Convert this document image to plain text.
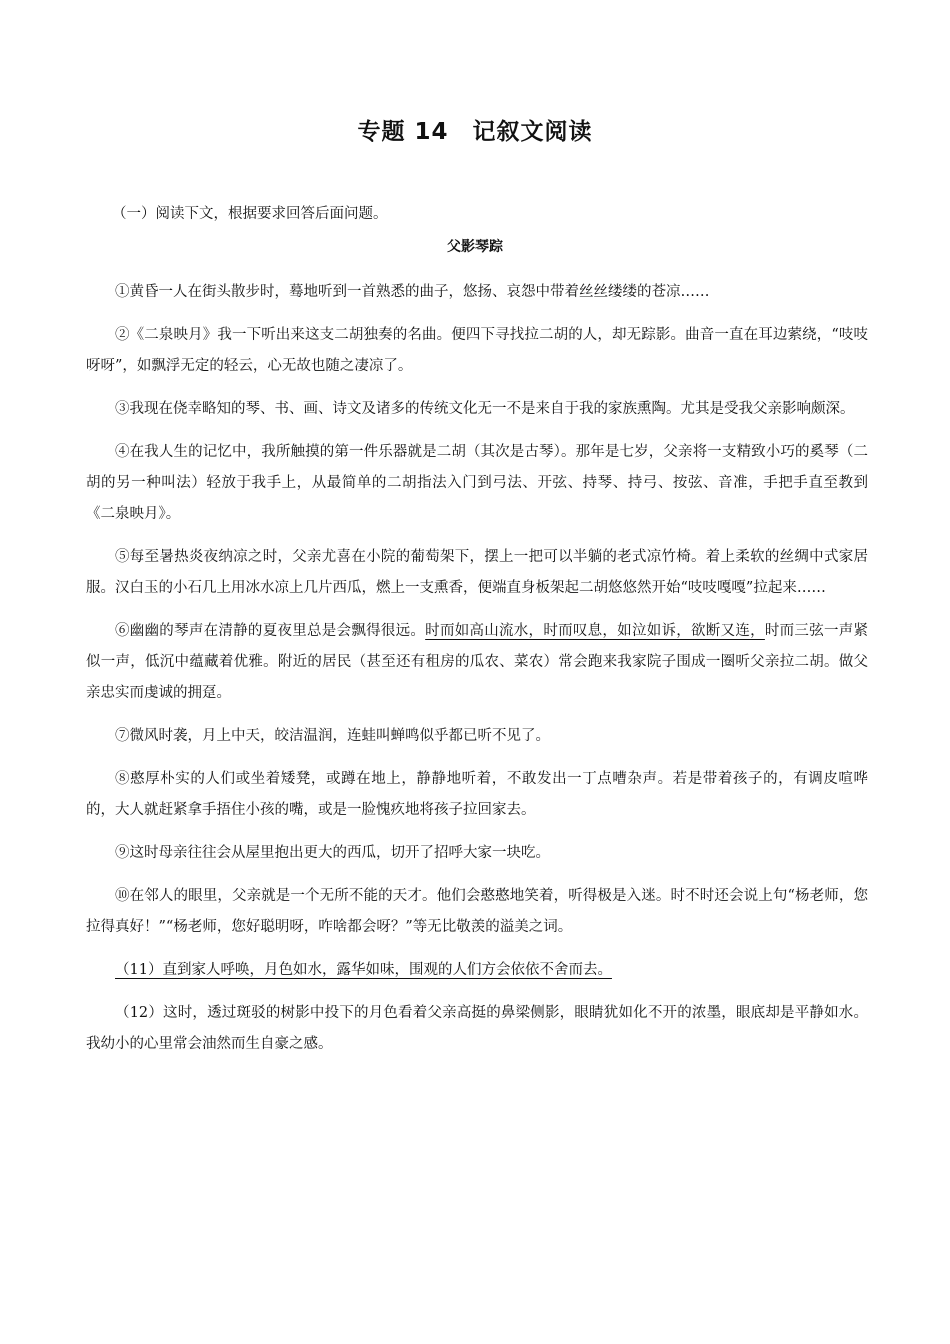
专题 14　记叙文阅读
（一）阅读下文，根据要求回答后面问题。
父影琴踪

①黄昏一人在街头散步时，蓦地听到一首熟悉的曲子，悠扬、哀怨中带着丝丝缕缕的苍凉……

②《二泉映月》我一下听出来这支二胡独奏的名曲。便四下寻找拉二胡的人，却无踪影。曲音一直在耳边萦绕，“吱吱呀呀”，如飘浮无定的轻云，心无故也随之凄凉了。

③我现在侥幸略知的琴、书、画、诗文及诸多的传统文化无一不是来自于我的家族熏陶。尤其是受我父亲影响颇深。

④在我人生的记忆中，我所触摸的第一件乐器就是二胡（其次是古琴）。那年是七岁，父亲将一支精致小巧的奚琴（二胡的另一种叫法）轻放于我手上，从最简单的二胡指法入门到弓法、开弦、持琴、持弓、按弦、音准，手把手直至教到《二泉映月》。

⑤每至暑热炎夜纳凉之时，父亲尤喜在小院的葡萄架下，摆上一把可以半躺的老式凉竹椅。着上柔软的丝绸中式家居服。汉白玉的小石几上用冰水凉上几片西瓜，燃上一支熏香，便端直身板架起二胡悠悠然开始“吱吱嘎嘎”拉起来……

⑥幽幽的琴声在清静的夏夜里总是会飘得很远。时而如高山流水，时而叹息，如泣如诉，欲断又连，时而三弦一声紧似一声，低沉中蕴藏着优雅。附近的居民（甚至还有租房的瓜农、菜农）常会跑来我家院子围成一圈听父亲拉二胡。做父亲忠实而虔诚的拥趸。

⑦微风时袭，月上中天，皎洁温润，连蛙叫蝉鸣似乎都已听不见了。

⑧憨厚朴实的人们或坐着矮凳，或蹲在地上，静静地听着，不敢发出一丁点嘈杂声。若是带着孩子的，有调皮喧哗的，大人就赶紧拿手捂住小孩的嘴，或是一脸愧疚地将孩子拉回家去。

⑨这时母亲往往会从屋里抱出更大的西瓜，切开了招呼大家一块吃。

⑩在邻人的眼里，父亲就是一个无所不能的天才。他们会憨憨地笑着，听得极是入迷。时不时还会说上句“杨老师，您拉得真好！”“杨老师，您好聪明呀，咋啥都会呀？”等无比敬羡的溢美之词。

（11）直到家人呼唤，月色如水，露华如味，围观的人们方会依依不舍而去。

（12）这时，透过斑驳的树影中投下的月色看着父亲高挺的鼻梁侧影，眼睛犹如化不开的浓墨，眼底却是平静如水。我幼小的心里常会油然而生自豪之感。
